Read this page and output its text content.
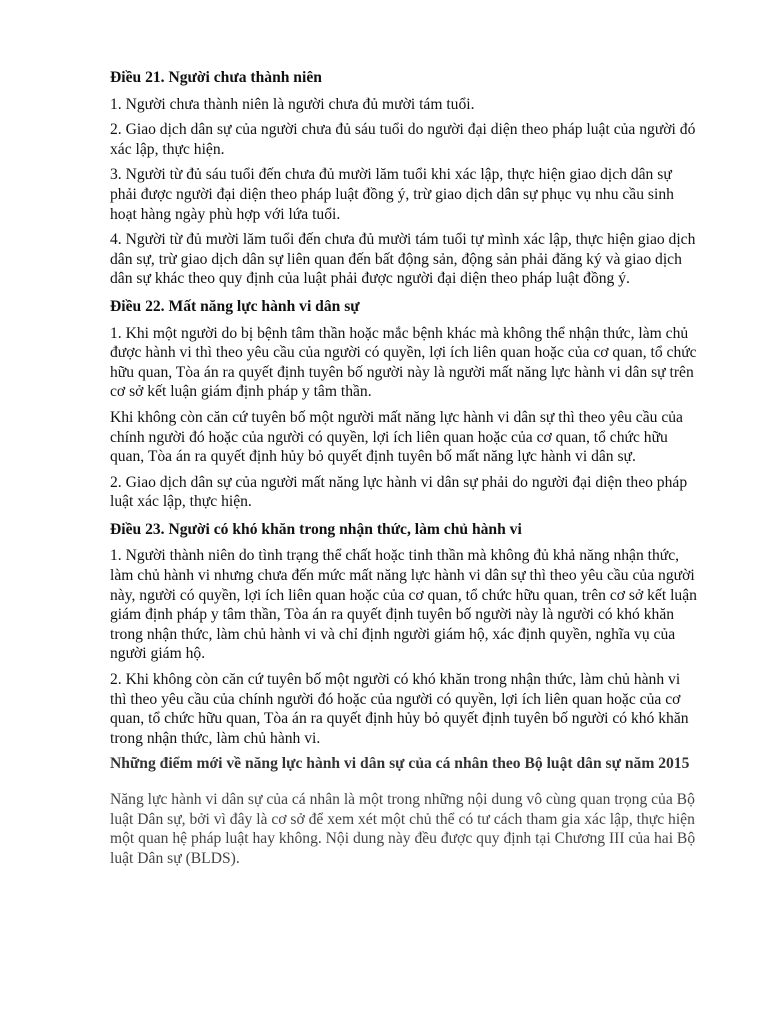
Điều 21. Người chưa thành niên
1. Người chưa thành niên là người chưa đủ mười tám tuổi.
2. Giao dịch dân sự của người chưa đủ sáu tuổi do người đại diện theo pháp luật của người đó xác lập, thực hiện.
3. Người từ đủ sáu tuổi đến chưa đủ mười lăm tuổi khi xác lập, thực hiện giao dịch dân sự phải được người đại diện theo pháp luật đồng ý, trừ giao dịch dân sự phục vụ nhu cầu sinh hoạt hàng ngày phù hợp với lứa tuổi.
4. Người từ đủ mười lăm tuổi đến chưa đủ mười tám tuổi tự mình xác lập, thực hiện giao dịch dân sự, trừ giao dịch dân sự liên quan đến bất động sản, động sản phải đăng ký và giao dịch dân sự khác theo quy định của luật phải được người đại diện theo pháp luật đồng ý.
Điều 22. Mất năng lực hành vi dân sự
1. Khi một người do bị bệnh tâm thần hoặc mắc bệnh khác mà không thể nhận thức, làm chủ được hành vi thì theo yêu cầu của người có quyền, lợi ích liên quan hoặc của cơ quan, tổ chức hữu quan, Tòa án ra quyết định tuyên bố người này là người mất năng lực hành vi dân sự trên cơ sở kết luận giám định pháp y tâm thần.
Khi không còn căn cứ tuyên bố một người mất năng lực hành vi dân sự thì theo yêu cầu của chính người đó hoặc của người có quyền, lợi ích liên quan hoặc của cơ quan, tổ chức hữu quan, Tòa án ra quyết định hủy bỏ quyết định tuyên bố mất năng lực hành vi dân sự.
2. Giao dịch dân sự của người mất năng lực hành vi dân sự phải do người đại diện theo pháp luật xác lập, thực hiện.
Điều 23. Người có khó khăn trong nhận thức, làm chủ hành vi
1. Người thành niên do tình trạng thể chất hoặc tinh thần mà không đủ khả năng nhận thức, làm chủ hành vi nhưng chưa đến mức mất năng lực hành vi dân sự thì theo yêu cầu của người này, người có quyền, lợi ích liên quan hoặc của cơ quan, tổ chức hữu quan, trên cơ sở kết luận giám định pháp y tâm thần, Tòa án ra quyết định tuyên bố người này là người có khó khăn trong nhận thức, làm chủ hành vi và chỉ định người giám hộ, xác định quyền, nghĩa vụ của người giám hộ.
2. Khi không còn căn cứ tuyên bố một người có khó khăn trong nhận thức, làm chủ hành vi thì theo yêu cầu của chính người đó hoặc của người có quyền, lợi ích liên quan hoặc của cơ quan, tổ chức hữu quan, Tòa án ra quyết định hủy bỏ quyết định tuyên bố người có khó khăn trong nhận thức, làm chủ hành vi.
Những điểm mới về năng lực hành vi dân sự của cá nhân theo Bộ luật dân sự năm 2015
Năng lực hành vi dân sự của cá nhân là một trong những nội dung vô cùng quan trọng của Bộ luật Dân sự, bởi vì đây là cơ sở để xem xét một chủ thể có tư cách tham gia xác lập, thực hiện một quan hệ pháp luật hay không. Nội dung này đều được quy định tại Chương III của hai Bộ luật Dân sự (BLDS).
